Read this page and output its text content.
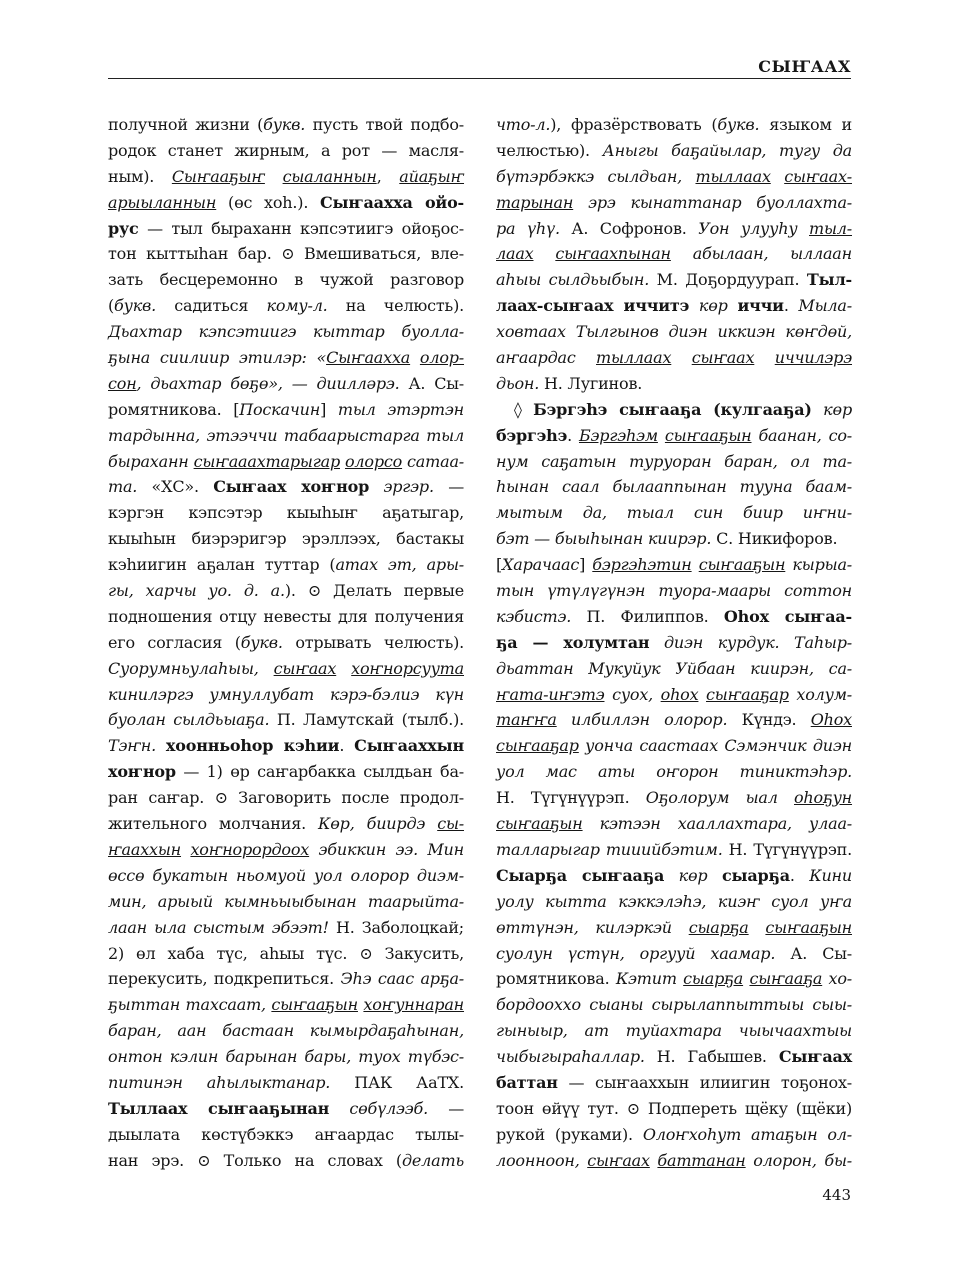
СЫҤААХ
получной жизни (букв. пусть твой подбо-
родок станет жирным, а рот — масля-
ным). Сыҥааҕыҥ сыаланнын, айаҕыҥ
арыыланнын (өс хоһ.). Сыҥаахха ойо-
рус — тыл быраханн кэпсэтиигэ ойоҕос-
тон кыттыһан бар. ⊙ Вмешиваться, вле-
зать бесцеремонно в чужой разговор
(букв. садиться кому-л. на челюсть).
Дьахтар кэпсэтиигэ кыттар буолла-
ҕына сиилиир этилэр: «Сыҥааххa олор-
сон, дьахтар бөҕө», — диилләрэ. А. Сы-
ромятникова. [Поскачин] тыл этэртэн
тардынна, этээччи табаарыстарга тыл
быраханн сыҥааахтарыгар олорсо сатаа-
та. «ХС». Сыҥаах хоҥнор эргэр. —
кэргэн кэпсэтэр кыыһыҥ аҕатыгар,
кыыһын биэрэригэр эрэллээх, бастакы
кэһиигин аҕалан туттар (атах эт, ары-
гы, харчы уо. д. а.). ⊙ Делать первые
подношения отцу невесты для получения
его согласия (букв. отрывать челюсть).
Суорумньулаһыы, сыҥаах хоҥнорсуута
кинилэргэ умнуллубат кэрэ-бэлиэ күн
буолан сылдьыаҕа. П. Ламутскай (тылб.).
Тэҥн. хоонньоһор кэһии. Сыҥааххын
хоҥнор — 1) өр саҥарбакка сылдьан ба-
ран саҥар. ⊙ Заговорить после продол-
жительного молчания. Көр, биирдэ сы-
ҥааххын хоҥнорордоох эбиккин ээ. Мин
өссө букатын ньомуой уол олорор диэм-
мин, арыый кымньыыбынан таарыйта-
лаан ыла сыстым эбээт! Н. Заболоцкай;
2) өл хаба түс, аһыы түс. ⊙ Закусить,
перекусить, подкрепиться. Эһэ саас арҕа-
ҕыттан тахсаат, сыҥааҕын хоҥуннаран
баран, аан бастаан кымырдаҕаһынан,
онтон кэлин барынан бары, туох түбэс-
питинэн аһылыктанар. ПАК АаТХ.
Тыллаах сыҥааҕынан сөбүлээб. —
дыылата көстүбэккэ аҥаардас тылы-
нан эрэ. ⊙ Только на словах (делать
что-л.), фразёрствовать (букв. языком и
челюстью). Аныгы баҕайылар, тугу да
бүтэрбэккэ сылдьан, тыллаах сыҥаах-
тарынан эрэ кынаттанар буоллахта-
ра үһү. А. Софронов. Уон улууһу тыл-
лаах сыҥаахпынан абылаан, ыллаан
аһыы сылдьыбын. М. Доҕордуурап. Тыл-
лаах-сыҥаах иччитэ көр иччи. Мыла-
ховтаах Тылгынов диэн иккиэн көҥдөй,
аҥаардас тыллаах сыҥаах иччилэрэ
дьон. Н. Лугинов.
◊ Бэргэһэ сыҥааҕа (кулгааҕа) көр
бэргэһэ. Бэргэһэм сыҥааҕын баанан, со-
нум саҕатын туруоран баран, ол та-
һынан саал былааппынан тууна баам-
мытым да, тыал син биир иҥни-
бэт — быыһынан киирэр. С. Никифоров.
[Харачаас] бэргэһэтин сыҥааҕын кырыа-
тын үтүлүгүнэн туора-маары соттон
кэбистэ. П. Филиппов. Оһох сыҥаа-
ҕа — холумтан диэн курдук. Таһыр-
дьаттан Мукуйук Уйбаан киирэн, са-
ҥата-иҥэтэ суох, оһох сыҥааҕар холум-
таҥҥа илбиллэн олорор. Күндэ. Оһох
сыҥааҕар уонча саастаах Сэмэнчик диэн
уол мас аты оҥорон тиниктэһэр.
Н. Түгүнүүрэп. Оҕолорум ыал оһоҕун
сыҥааҕын кэтээн хааллахтара, улаа-
талларыгар тииийбэтим. Н. Түгүнүүрэп.
Сыарҕа сыҥааҕа көр сыарҕа. Кини
уолу кытта кэккэлэһэ, киэҥ суол уҥа
өттүнэн, килэркэй сыарҕа сыҥааҕын
суолун үстүн, оргууй хаамар. А. Сы-
ромятникова. Кэтит сыарҕа сыҥааҕа хо-
бордооххо сыаны сырылаппыттыы сыы-
гыныыр, ат туйахтара чыычаахтыы
чыбыгыраһаллар. Н. Габышев. Сыҥаах
баттан — сыҥааххын илиигин тоҕонох-
тоон өйүү тут. ⊙ Подпереть щёку (щёки)
рукой (руками). Олоҥхоһут атаҕын ол-
лоонноон, сыҥаах баттанан олорон, бы-
443
